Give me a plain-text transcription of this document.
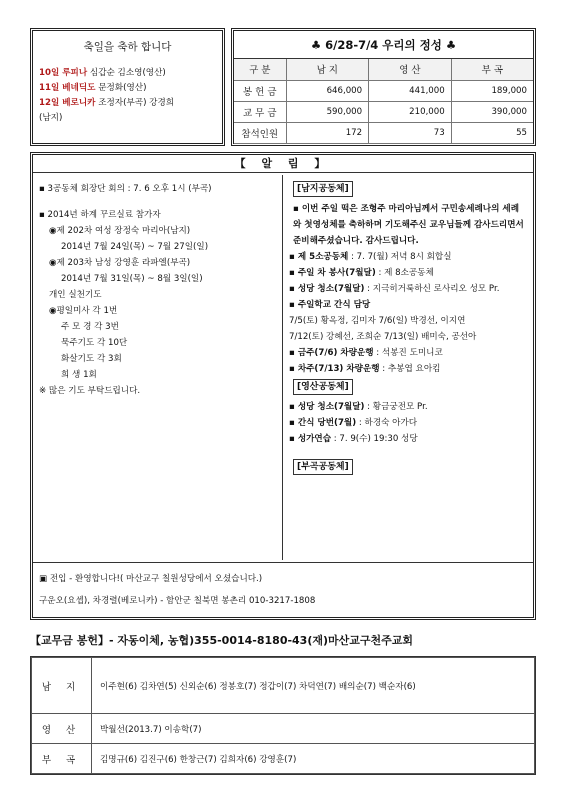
축일을 축하 합니다
10일 루피나 심갑순 김소영(영산)
11일 베네딕도 문정화(영산)
12일 베로니카 조정자(부곡) 강경희
(남지)
♣ 6/28-7/4 우리의 정성 ♣
구 분	남 지	영 산	부 곡
봉 헌 금	646,000	441,000	189,000
교 무 금	590,000	210,000	390,000
참석인원	172	73	55
【 알 림 】
▪ 3공동체 회장단 회의 : 7. 6 오후 1시 (부곡)
▪ 2014년 하계 꾸르실료 참가자
◉제 202차 여성 장정숙 마리아(남지)
2014년 7월 24일(목) ~ 7월 27일(일)
◉제 203차 남성 강영훈 라파엘(부곡)
2014년 7월 31일(목) ~ 8월 3일(일)
개인 실천기도
◉평일미사 각 1번
주 모 경 각 3번
묵주기도 각 10단
화살기도 각 3회
희 생 1회
※ 많은 기도 부탁드립니다.
[남지공동체]
▪ 이번 주일 떡은 조형주 마리아님께서 구민송세례나의 세례와 첫영성체를 축하하며 기도해주신 교우님들께 감사드리면서 준비해주셨습니다. 감사드립니다.
▪ 제 5소공동체 : 7. 7(월) 저녁 8시 회합실
▪ 주일 차 봉사(7월달) : 제 8소공동체
▪ 성당 청소(7월달) : 지극히거룩하신 로사리오 성모 Pr.
▪ 주일학교 간식 담당
7/5(토) 황옥정, 김미자 7/6(일) 박경선, 이지연
7/12(토) 강혜선, 조희순 7/13(일) 배미숙, 공선아
▪ 금주(7/6) 차량운행 : 석봉진 도미니코
▪ 차주(7/13) 차량운행 : 추봉엽 요아킴
[영산공동체]
▪ 성당 청소(7월달) : 황금궁전모 Pr.
▪ 간식 당번(7월) : 하경숙 아가다
▪ 성가연습 : 7. 9(수) 19:30 성당
[부곡공동체]
▣ 전입 - 환영합니다!( 마산교구 칠원성당에서 오셨습니다.)
구운오(요셉), 차경렬(베로니카) - 함안군 칠북면 봉촌리 010-3217-1808
【교무금 봉헌】- 자동이체, 농협)355-0014-8180-43(재)마산교구천주교회
남 지	이주현(6) 김차연(5) 신외순(6) 정봉호(7) 정갑이(7) 차덕연(7) 배의순(7) 백순자(6)
영 산	박월선(2013.7) 이송학(7)
부 곡	김명규(6) 김진구(6) 한창근(7) 김희자(6) 강영훈(7)
